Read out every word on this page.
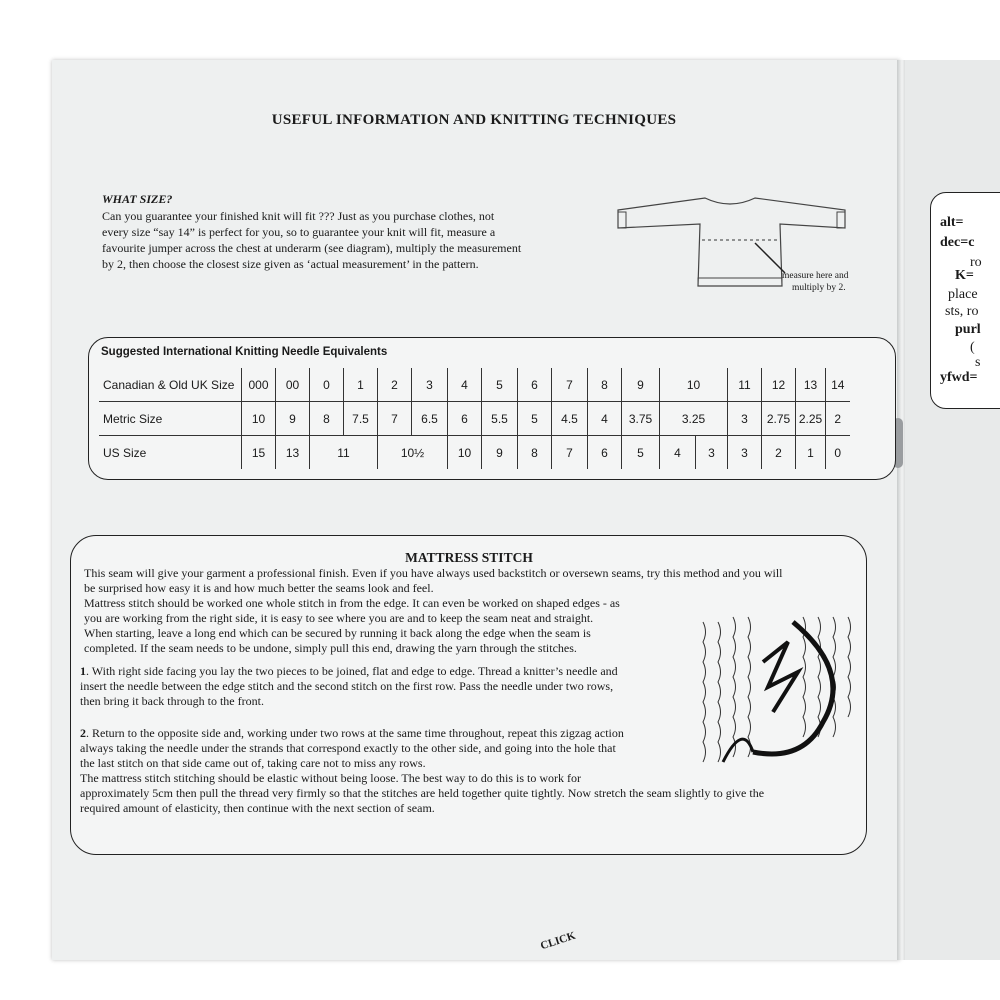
USEFUL INFORMATION AND KNITTING TECHNIQUES
WHAT SIZE?
Can you guarantee your finished knit will fit ??? Just as you purchase clothes, not
every size “say 14” is perfect for you, so to guarantee your knit will fit, measure a
favourite jumper across the chest at underarm (see diagram), multiply the measurement
by 2, then choose the closest size given as ‘actual measurement’ in the pattern.
measure here and
multiply by 2.
Suggested International Knitting Needle Equivalents
Canadian & Old UK Size	000	00	0	1	2	3	4	5	6	7	8	9	10		11	12	13	14
Metric Size	10	9	8	7.5	7	6.5	6	5.5	5	4.5	4	3.75	3.25		3	2.75	2.25	2
US Size	15	13	11		10½		10	9	8	7	6	5	4	3	3	2	1	0
MATTRESS STITCH
This seam will give your garment a professional finish. Even if you have always used backstitch or oversewn seams, try this method and you will
be surprised how easy it is and how much better the seams look and feel.
Mattress stitch should be worked one whole stitch in from the edge. It can even be worked on shaped edges - as
you are working from the right side, it is easy to see where you are and to keep the seam neat and straight.
When starting, leave a long end which can be secured by running it back along the edge when the seam is
completed. If the seam needs to be undone, simply pull this end, drawing the yarn through the stitches.
1. With right side facing you lay the two pieces to be joined, flat and edge to edge. Thread a knitter’s needle and
insert the needle between the edge stitch and the second stitch on the first row. Pass the needle under two rows,
then bring it back through to the front.
2. Return to the opposite side and, working under two rows at the same time throughout, repeat this zigzag action
always taking the needle under the strands that correspond exactly to the other side, and going into the hole that
the last stitch on that side came out of, taking care not to miss any rows.
The mattress stitch stitching should be elastic without being loose. The best way to do this is to work for
approximately 5cm then pull the thread very firmly so that the stitches are held together quite tightly. Now stretch the seam slightly to give the
required amount of elasticity, then continue with the next section of seam.
alt=
dec=c
ro
K=
place
sts, ro
purl
(
s
yfwd=
CLICK
